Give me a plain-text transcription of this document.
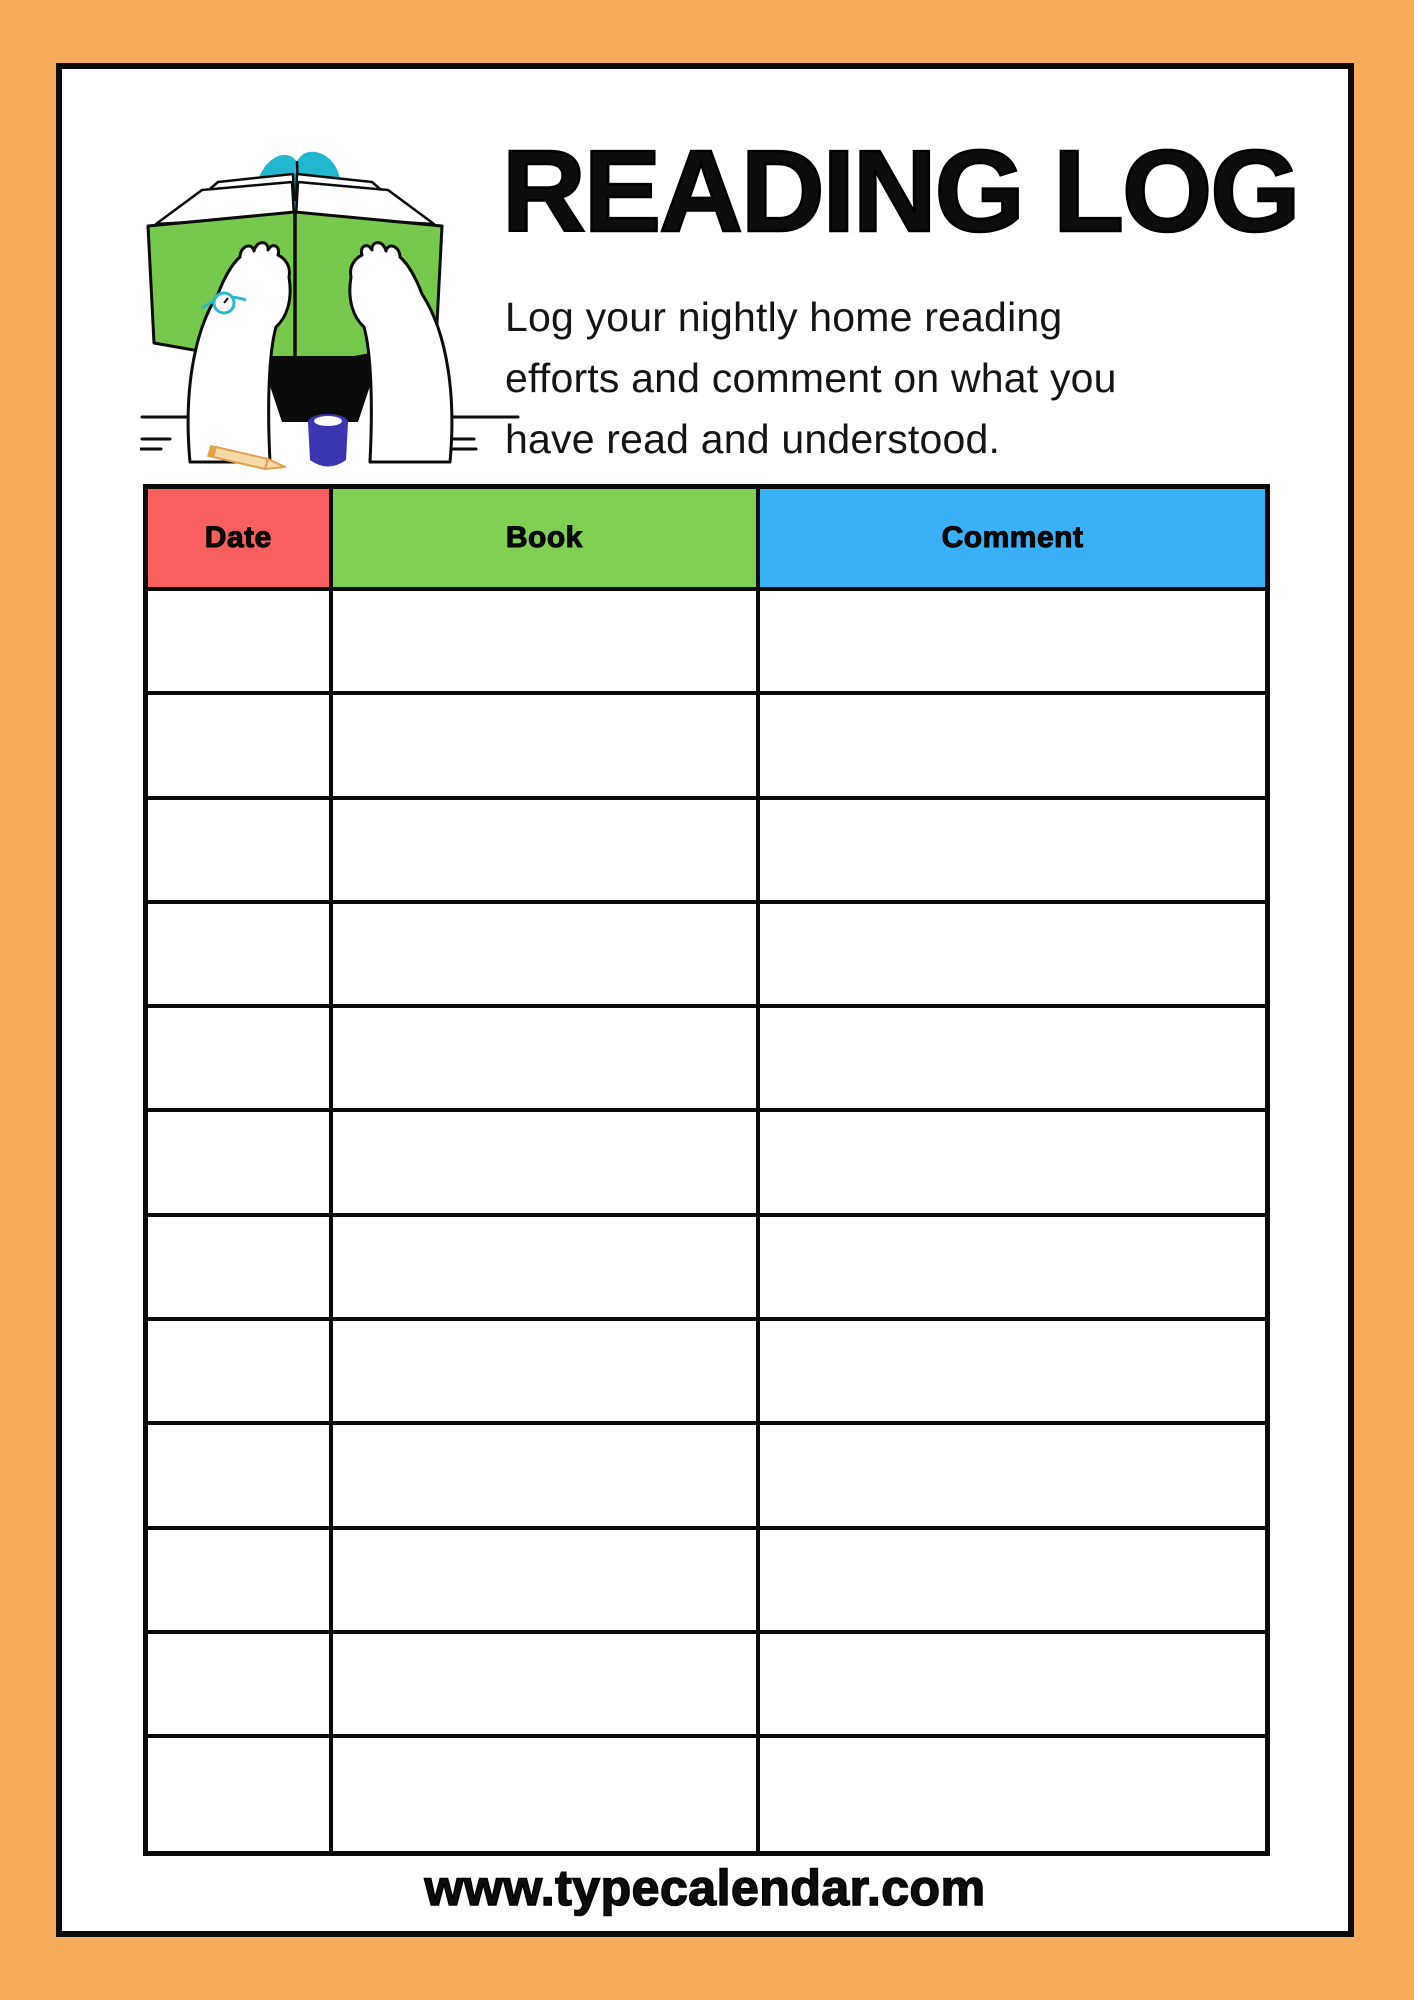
READING LOG
Log your nightly home reading
efforts and comment on what you
have read and understood.
Date	Book	Comment

www.typecalendar.com
